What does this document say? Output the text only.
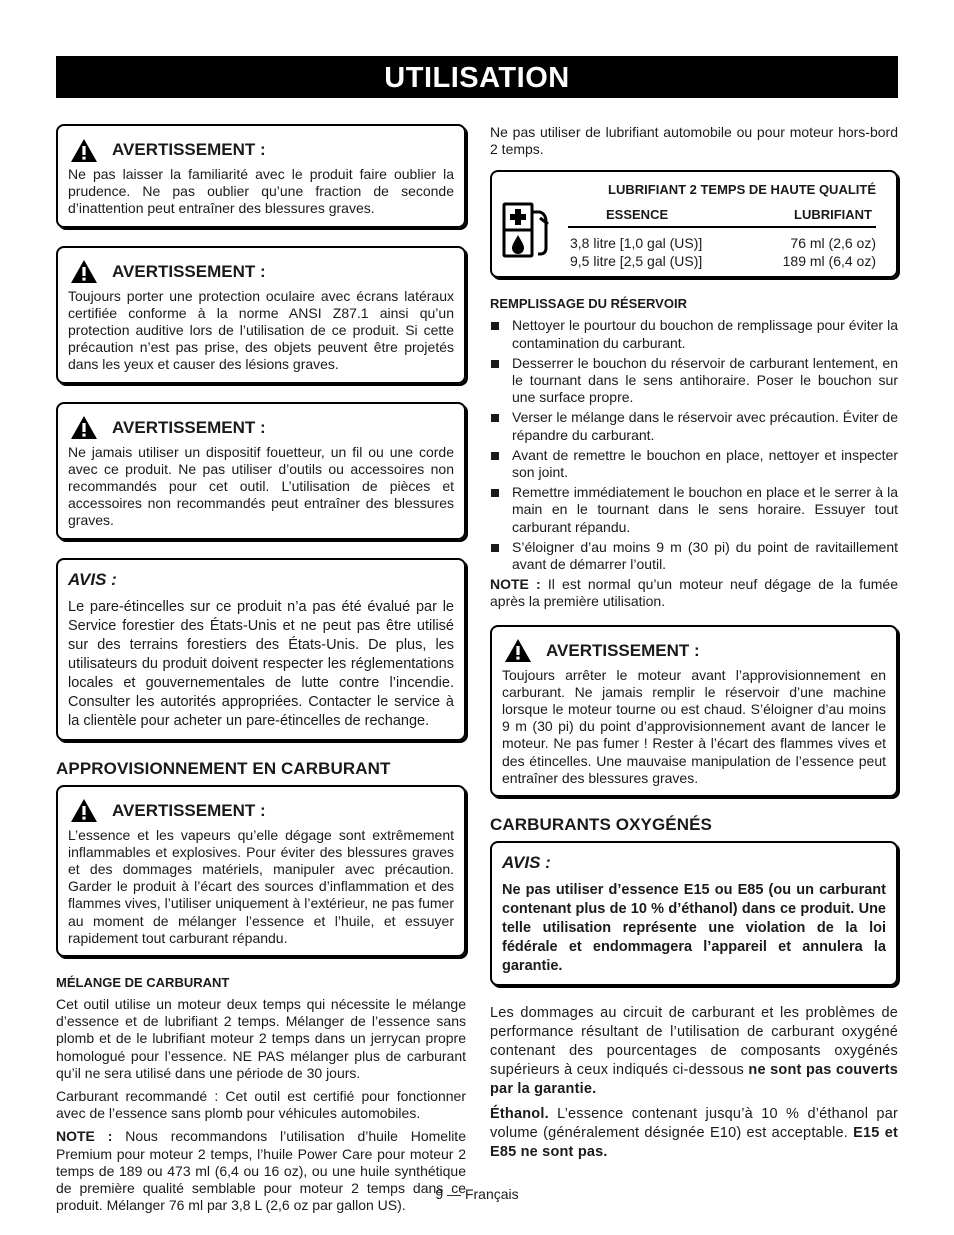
UTILISATION
AVERTISSEMENT :

Ne pas laisser la familiarité avec le produit faire oublier la prudence. Ne pas oublier qu’une fraction de seconde d’inattention peut entraîner des blessures graves.

AVERTISSEMENT :

Toujours porter une protection oculaire avec écrans latéraux certifiée conforme à la norme ANSI Z87.1 ainsi qu’un protection auditive lors de l’utilisation de ce produit. Si cette précaution n’est pas prise, des objets peuvent être projetés dans les yeux et causer des lésions graves.

AVERTISSEMENT :

Ne jamais utiliser un dispositif fouetteur, un fil ou une corde avec ce produit. Ne pas utiliser d’outils ou accessoires non recommandés pour cet outil. L’utilisation de pièces et accessoires non recommandés peut entraîner des blessures graves.

AVIS :

Le pare-étincelles sur ce produit n’a pas été évalué par le Service forestier des États-Unis et ne peut pas être utilisé sur des terrains forestiers des États-Unis. De plus, les utilisateurs du produit doivent respecter les réglementations locales et gouvernementales de lutte contre l’incendie. Consulter les autorités appropriées. Contacter le service à la clientèle pour acheter un pare-étincelles de rechange.

APPROVISIONNEMENT EN CARBURANT
AVERTISSEMENT :

L’essence et les vapeurs qu’elle dégage sont extrêmement inflammables et explosives. Pour éviter des blessures graves et des dommages matériels, manipuler avec précaution. Garder le produit à l’écart des sources d’inflammation et des flammes vives, l’utiliser uniquement à l’extérieur, ne pas fumer au moment de mélanger l’essence et l’huile, et essuyer rapidement tout carburant répandu.

MÉLANGE DE CARBURANT

Cet outil utilise un moteur deux temps qui nécessite le mélange d’essence et de lubrifiant 2 temps. Mélanger de l’essence sans plomb et de le lubrifiant moteur 2 temps dans un jerrycan propre homologué pour l’essence. NE PAS mélanger plus de carburant qu’il ne sera utilisé dans une période de 30 jours.

Carburant recommandé : Cet outil est certifié pour fonctionner avec de l’essence sans plomb pour véhicules automobiles.

NOTE : Nous recommandons l’utilisation d’huile Homelite Premium pour moteur 2 temps, l’huile Power Care pour moteur 2 temps de 189 ou 473 ml (6,4 ou 16 oz), ou une huile synthétique de première qualité semblable pour moteur 2 temps dans ce produit. Mélanger 76 ml par 3,8 L (2,6 oz par gallon US).

Ne pas utiliser de lubrifiant automobile ou pour moteur hors-bord 2 temps.

LUBRIFIANT 2 TEMPS DE HAUTE QUALITÉ
ESSENCE	LUBRIFIANT
3,8 litre [1,0 gal (US)]	76 ml (2,6 oz)
9,5 litre [2,5 gal (US)]	189 ml (6,4 oz)
REMPLISSAGE DU RÉSERVOIR
Nettoyer le pourtour du bouchon de remplissage pour éviter la contamination du carburant.
Desserrer le bouchon du réservoir de carburant lentement, en le tournant dans le sens antihoraire. Poser le bouchon sur une surface propre.
Verser le mélange dans le réservoir avec précaution. Éviter de répandre du carburant.
Avant de remettre le bouchon en place, nettoyer et inspecter son joint.
Remettre immédiatement le bouchon en place et le serrer à la main en le tournant dans le sens horaire. Essuyer tout carburant répandu.
S’éloigner d’au moins 9 m (30 pi) du point de ravitaillement avant de démarrer l’outil.

NOTE : Il est normal qu’un moteur neuf dégage de la fumée après la première utilisation.

AVERTISSEMENT :

Toujours arrêter le moteur avant l’approvisionnement en carburant. Ne jamais remplir le réservoir d’une machine lorsque le moteur tourne ou est chaud. S’éloigner d’au moins 9 m (30 pi) du point d’approvisionnement avant de lancer le moteur. Ne pas fumer ! Rester à l’écart des flammes vives et des étincelles. Une mauvaise manipulation de l’essence peut entraîner des blessures graves.

CARBURANTS OXYGÉNÉS
AVIS :

Ne pas utiliser d’essence E15 ou E85 (ou un carburant contenant plus de 10 % d’éthanol) dans ce produit. Une telle utilisation représente une violation de la loi fédérale et endommagera l’appareil et annulera la garantie.

Les dommages au circuit de carburant et les problèmes de performance résultant de l’utilisation de carburant oxygéné contenant des pourcentages de composants oxygénés supérieurs à ceux indiqués ci-dessous ne sont pas couverts par la garantie.

Éthanol. L’essence contenant jusqu’à 10 % d’éthanol par volume (généralement désignée E10) est acceptable. E15 et E85 ne sont pas.

9 — Français
